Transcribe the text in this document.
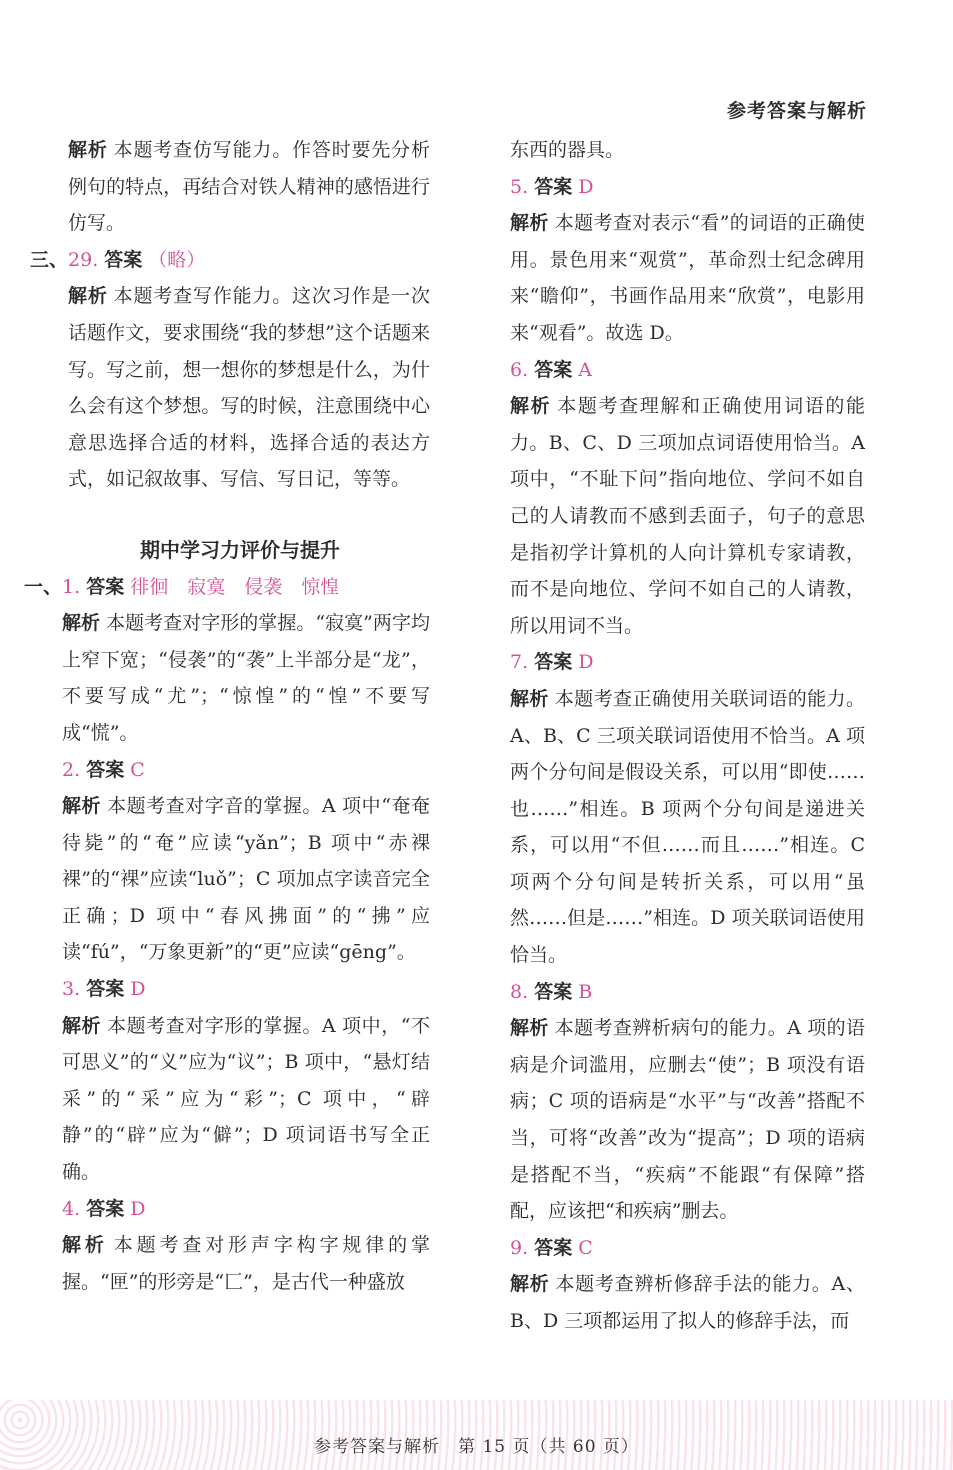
参考答案与解析

解析 本题考查仿写能力。作答时要先分析例句的特点，再结合对铁人精神的感悟进行仿写。

三、29. 答案 （略）

解析 本题考查写作能力。这次习作是一次话题作文，要求围绕“我的梦想”这个话题来写。写之前，想一想你的梦想是什么，为什么会有这个梦想。写的时候，注意围绕中心意思选择合适的材料，选择合适的表达方式，如记叙故事、写信、写日记，等等。

期中学习力评价与提升

一、1. 答案 徘徊　寂寞　侵袭　惊惶

解析 本题考查对字形的掌握。“寂寞”两字均上窄下宽；“侵袭”的“袭”上半部分是“龙”，不要写成“尤”；“惊惶”的“惶”不要写成“慌”。

2. 答案 C

解析 本题考查对字音的掌握。A 项中“奄奄待毙”的“奄”应读“yǎn”；B 项中“赤裸裸”的“裸”应读“luǒ”；C 项加点字读音完全正确；D 项中“春风拂面”的“拂”应读“fú”，“万象更新”的“更”应读“gēng”。

3. 答案 D

解析 本题考查对字形的掌握。A 项中，“不可思义”的“义”应为“议”；B 项中，“悬灯结采”的“采”应为“彩”；C 项中，“辟静”的“辟”应为“僻”；D 项词语书写全正确。

4. 答案 D

解析 本题考查对形声字构字规律的掌握。“匣”的形旁是“匚”，是古代一种盛放

东西的器具。

5. 答案 D

解析 本题考查对表示“看”的词语的正确使用。景色用来“观赏”，革命烈士纪念碑用来“瞻仰”，书画作品用来“欣赏”，电影用来“观看”。故选 D。

6. 答案 A

解析 本题考查理解和正确使用词语的能力。B、C、D 三项加点词语使用恰当。A 项中，“不耻下问”指向地位、学问不如自己的人请教而不感到丢面子，句子的意思是指初学计算机的人向计算机专家请教，而不是向地位、学问不如自己的人请教，所以用词不当。

7. 答案 D

解析 本题考查正确使用关联词语的能力。A、B、C 三项关联词语使用不恰当。A 项两个分句间是假设关系，可以用“即使……也……”相连。B 项两个分句间是递进关系，可以用“不但……而且……”相连。C 项两个分句间是转折关系，可以用“虽然……但是……”相连。D 项关联词语使用恰当。

8. 答案 B

解析 本题考查辨析病句的能力。A 项的语病是介词滥用，应删去“使”；B 项没有语病；C 项的语病是“水平”与“改善”搭配不当，可将“改善”改为“提高”；D 项的语病是搭配不当，“疾病”不能跟“有保障”搭配，应该把“和疾病”删去。

9. 答案 C

解析 本题考查辨析修辞手法的能力。A、B、D 三项都运用了拟人的修辞手法，而

参考答案与解析　第 15 页（共 60 页）
